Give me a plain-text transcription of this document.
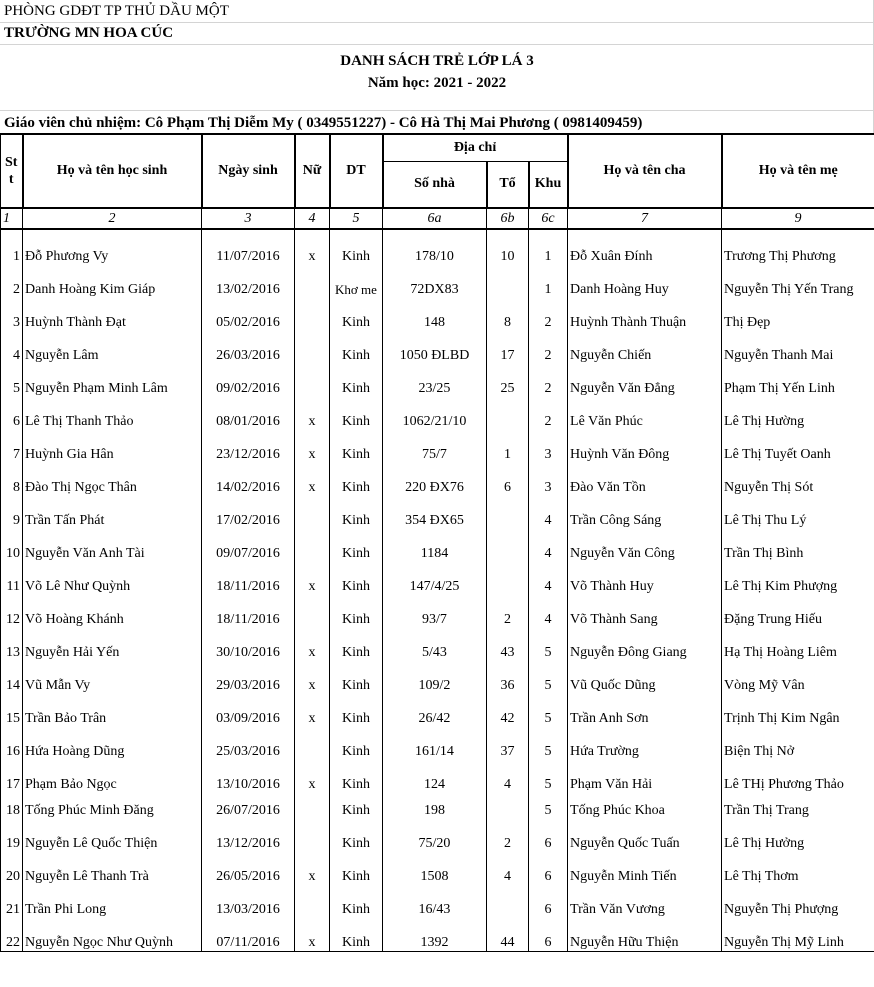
PHÒNG GDĐT TP THỦ DẦU MỘT
TRƯỜNG MN HOA CÚC
DANH SÁCH TRẺ LỚP LÁ 3
Năm học: 2021 - 2022
Giáo viên chủ nhiệm: Cô Phạm Thị Diễm My ( 0349551227) - Cô Hà Thị Mai Phương ( 0981409459)
St t	Họ và tên học sinh	Ngày sinh	Nữ	DT	Địa chỉ			Họ và tên cha	Họ và tên mẹ
					Số nhà	Tổ	Khu		
1	2	3	4	5	6a	6b	6c	7	9
1	Đỗ Phương Vy	11/07/2016	x	Kinh	178/10	10	1	Đỗ Xuân Đính	Trương Thị Phương
2	Danh Hoàng Kim Giáp	13/02/2016		Khơ me	72DX83		1	Danh Hoàng Huy	Nguyễn Thị Yến Trang
3	Huỳnh Thành Đạt	05/02/2016		Kinh	148	8	2	Huỳnh Thành Thuận	Thị Đẹp
4	Nguyễn Lâm	26/03/2016		Kinh	1050 ĐLBD	17	2	Nguyễn Chiến	Nguyễn Thanh Mai
5	Nguyễn Phạm Minh Lâm	09/02/2016		Kinh	23/25	25	2	Nguyễn Văn Đẳng	Phạm Thị Yến Linh
6	Lê Thị Thanh Thảo	08/01/2016	x	Kinh	1062/21/10		2	Lê Văn Phúc	Lê Thị Hường
7	Huỳnh Gia Hân	23/12/2016	x	Kinh	75/7	1	3	Huỳnh Văn Đông	Lê Thị Tuyết Oanh
8	Đào Thị Ngọc Thân	14/02/2016	x	Kinh	220 ĐX76	6	3	Đào Văn Tồn	Nguyễn Thị Sót
9	Trần Tấn Phát	17/02/2016		Kinh	354 ĐX65		4	Trần Công Sáng	Lê Thị Thu Lý
10	Nguyễn Văn Anh Tài	09/07/2016		Kinh	1184		4	Nguyễn Văn Công	Trần Thị Bình
11	Võ Lê Như Quỳnh	18/11/2016	x	Kinh	147/4/25		4	Võ Thành Huy	Lê Thị Kim Phượng
12	Võ Hoàng Khánh	18/11/2016		Kinh	93/7	2	4	Võ Thành Sang	Đặng Trung Hiếu
13	Nguyễn Hải Yến	30/10/2016	x	Kinh	5/43	43	5	Nguyễn Đông Giang	Hạ Thị Hoàng Liêm
14	Vũ Mẫn Vy	29/03/2016	x	Kinh	109/2	36	5	Vũ Quốc Dũng	Vòng Mỹ Vân
15	Trần Bảo Trân	03/09/2016	x	Kinh	26/42	42	5	Trần Anh Sơn	Trịnh Thị Kim Ngân
16	Hứa Hoàng Dũng	25/03/2016		Kinh	161/14	37	5	Hứa Trường	Biện Thị Nở
17	Phạm Bảo Ngọc	13/10/2016	x	Kinh	124	4	5	Phạm Văn Hải	Lê THị Phương Thảo
18	Tống Phúc Minh Đăng	26/07/2016		Kinh	198		5	Tống Phúc Khoa	Trần Thị Trang
19	Nguyễn Lê Quốc Thiện	13/12/2016		Kinh	75/20	2	6	Nguyễn Quốc Tuấn	Lê Thị Hưởng
20	Nguyễn Lê Thanh Trà	26/05/2016	x	Kinh	1508	4	6	Nguyễn Minh Tiến	Lê Thị Thơm
21	Trần Phi Long	13/03/2016		Kinh	16/43		6	Trần Văn Vương	Nguyễn Thị Phượng
22	Nguyễn Ngọc Như Quỳnh	07/11/2016	x	Kinh	1392	44	6	Nguyễn Hữu Thiện	Nguyễn Thị Mỹ Linh
